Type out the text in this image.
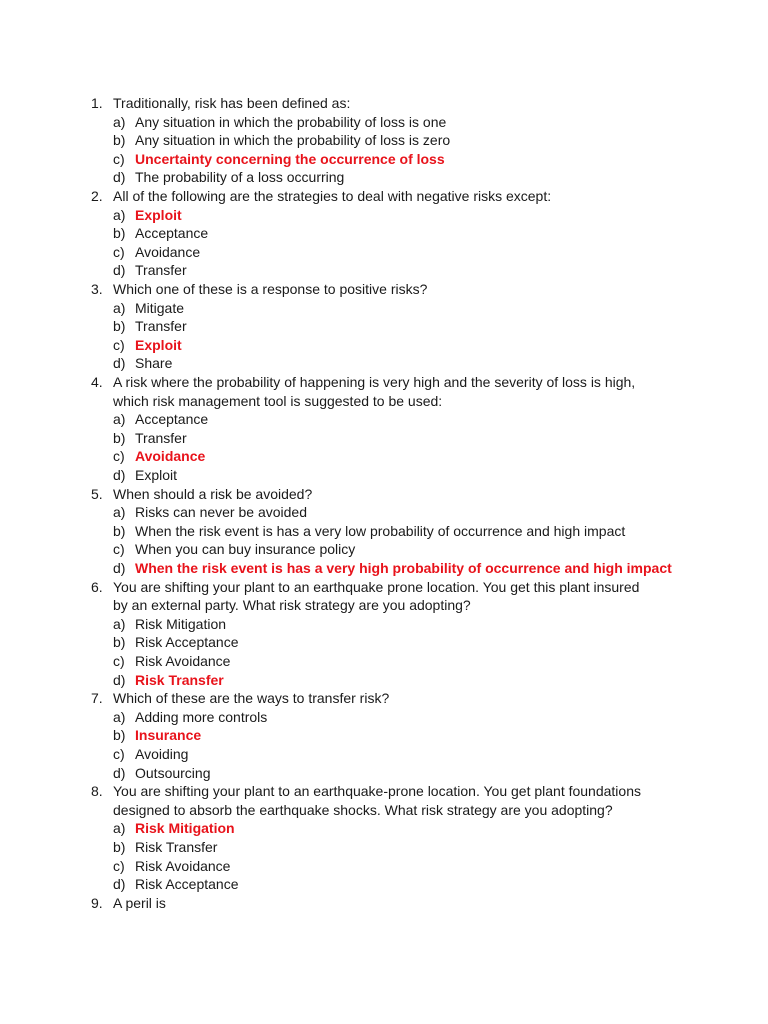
1. Traditionally, risk has been defined as:
a) Any situation in which the probability of loss is one
b) Any situation in which the probability of loss is zero
c) Uncertainty concerning the occurrence of loss
d) The probability of a loss occurring
2. All of the following are the strategies to deal with negative risks except:
a) Exploit
b) Acceptance
c) Avoidance
d) Transfer
3. Which one of these is a response to positive risks?
a) Mitigate
b) Transfer
c) Exploit
d) Share
4. A risk where the probability of happening is very high and the severity of loss is high,
which risk management tool is suggested to be used:
a) Acceptance
b) Transfer
c) Avoidance
d) Exploit
5. When should a risk be avoided?
a) Risks can never be avoided
b) When the risk event is has a very low probability of occurrence and high impact
c) When you can buy insurance policy
d) When the risk event is has a very high probability of occurrence and high impact
6. You are shifting your plant to an earthquake prone location. You get this plant insured
by an external party. What risk strategy are you adopting?
a) Risk Mitigation
b) Risk Acceptance
c) Risk Avoidance
d) Risk Transfer
7. Which of these are the ways to transfer risk?
a) Adding more controls
b) Insurance
c) Avoiding
d) Outsourcing
8. You are shifting your plant to an earthquake-prone location. You get plant foundations
designed to absorb the earthquake shocks. What risk strategy are you adopting?
a) Risk Mitigation
b) Risk Transfer
c) Risk Avoidance
d) Risk Acceptance
9. A peril is
